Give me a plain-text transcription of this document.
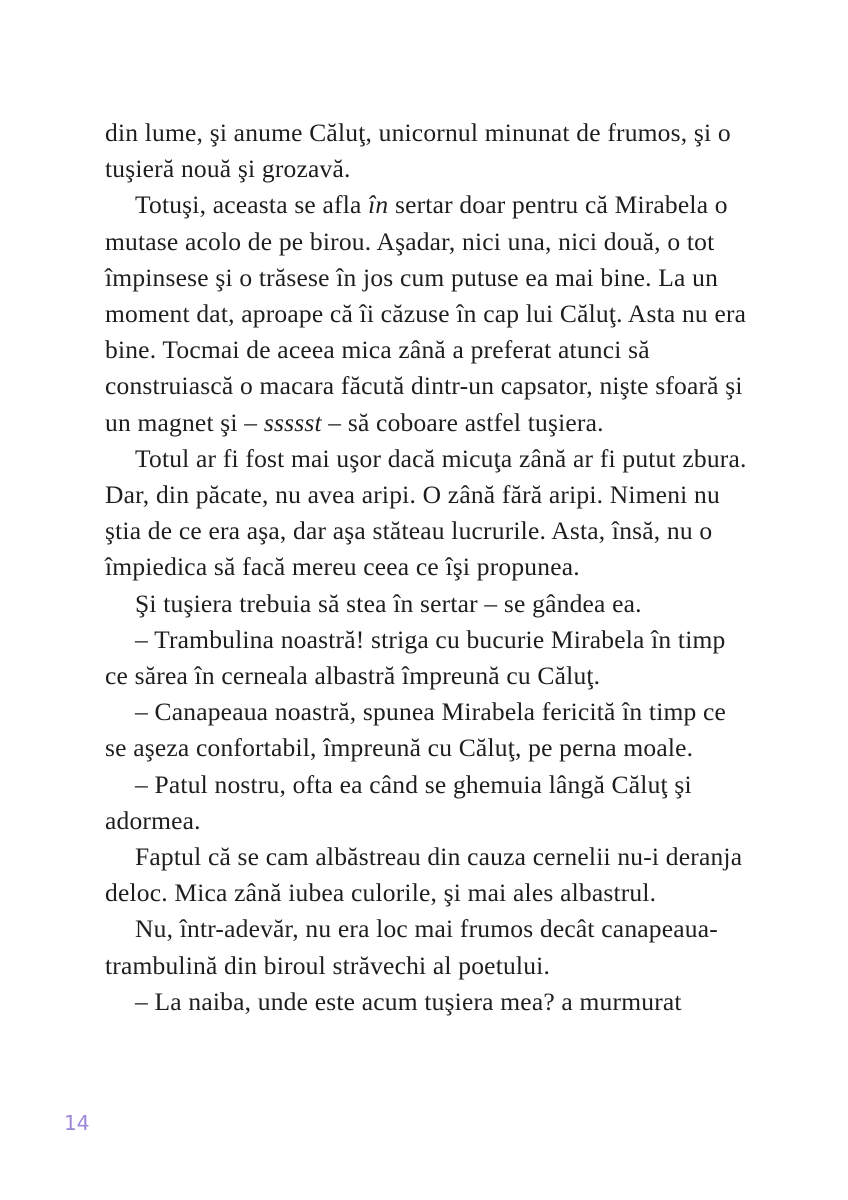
din lume, şi anume Căluţ, unicornul minunat de frumos, şi o tuşieră nouă şi grozavă.

Totuşi, aceasta se afla în sertar doar pentru că Mirabela o mutase acolo de pe birou. Aşadar, nici una, nici două, o tot împinsese şi o trăsese în jos cum putuse ea mai bine. La un moment dat, aproape că îi căzuse în cap lui Căluţ. Asta nu era bine. Tocmai de aceea mica zână a preferat atunci să construiască o macara făcută dintr-un capsator, nişte sfoară şi un magnet şi – ssssst – să coboare astfel tuşiera.

Totul ar fi fost mai uşor dacă micuţa zână ar fi putut zbura. Dar, din păcate, nu avea aripi. O zână fără aripi. Nimeni nu ştia de ce era aşa, dar aşa stăteau lucrurile. Asta, însă, nu o împiedica să facă mereu ceea ce îşi propunea.

Şi tuşiera trebuia să stea în sertar – se gândea ea.

– Trambulina noastră! striga cu bucurie Mirabela în timp ce sărea în cerneala albastră împreună cu Căluţ.

– Canapeaua noastră, spunea Mirabela fericită în timp ce se aşeza confortabil, împreună cu Căluţ, pe perna moale.

– Patul nostru, ofta ea când se ghemuia lângă Căluţ şi adormea.

Faptul că se cam albăstreau din cauza cernelii nu-i deranja deloc. Mica zână iubea culorile, şi mai ales albastrul.

Nu, într-adevăr, nu era loc mai frumos decât canapeaua-trambulină din biroul străvechi al poetului.

– La naiba, unde este acum tuşiera mea? a murmurat

14
